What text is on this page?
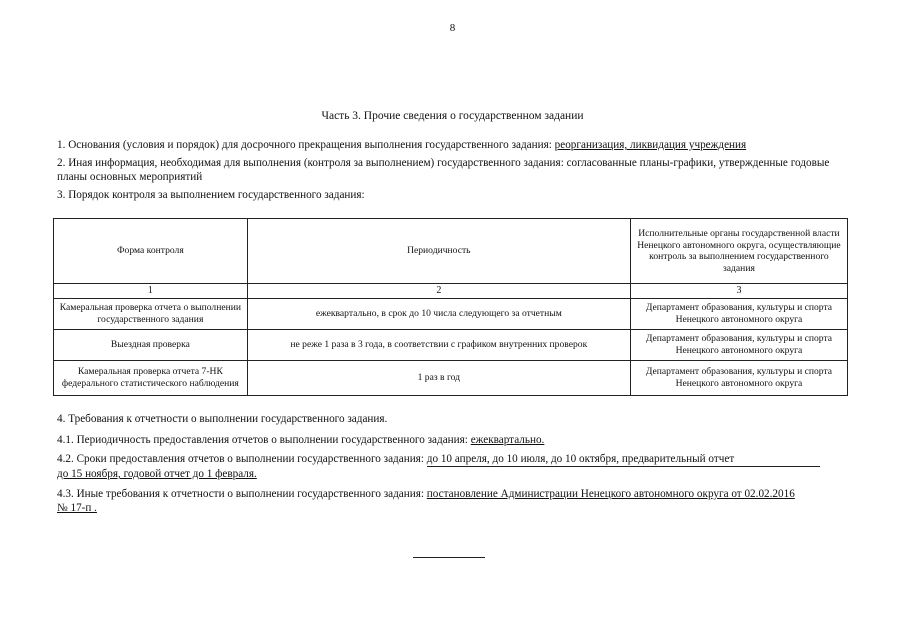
8
Часть 3. Прочие сведения о государственном задании
1. Основания (условия и порядок) для досрочного прекращения выполнения государственного задания: реорганизация, ликвидация учреждения
2. Иная информация, необходимая для выполнения (контроля за выполнением) государственного задания: согласованные планы-графики, утвержденные годовые планы основных мероприятий
3. Порядок контроля за выполнением государственного задания:
Форма контроля	Периодичность	Исполнительные органы государственной власти Ненецкого автономного округа, осуществляющие контроль за выполнением государственного задания
1	2	3
Камеральная проверка отчета о выполнении государственного задания	ежеквартально, в срок до 10 числа следующего за отчетным	Департамент образования, культуры и спорта Ненецкого автономного округа
Выездная проверка	не реже 1 раза в 3 года, в соответствии с графиком внутренних проверок	Департамент образования, культуры и спорта Ненецкого автономного округа
Камеральная проверка отчета 7-НК федерального статистического наблюдения	1 раз в год	Департамент образования, культуры и спорта Ненецкого автономного округа
4. Требования к отчетности о выполнении государственного задания.
4.1. Периодичность предоставления отчетов о выполнении государственного задания: ежеквартально.
4.2. Сроки предоставления отчетов о выполнении государственного задания: до 10 апреля, до 10 июля, до 10 октября, предварительный отчет
до 15 ноября, годовой отчет до 1 февраля.
4.3. Иные требования к отчетности о выполнении государственного задания: постановление Администрации Ненецкого автономного округа от 02.02.2016
№ 17-п .
